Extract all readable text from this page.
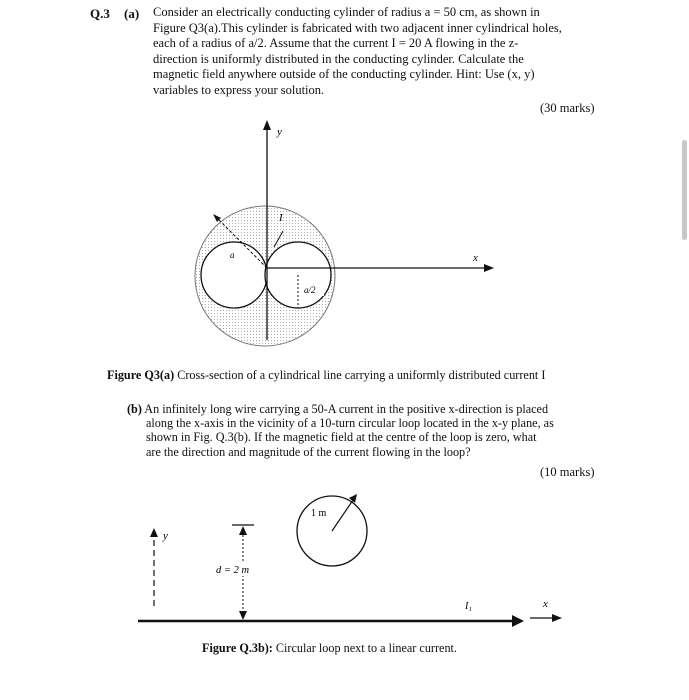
Q.3 (a) Consider an electrically conducting cylinder of radius a = 50 cm, as shown in
Figure Q3(a).This cylinder is fabricated with two adjacent inner cylindrical holes,
each of a radius of a/2. Assume that the current I = 20 A flowing in the z-
direction is uniformly distributed in the conducting cylinder. Calculate the
magnetic field anywhere outside of the conducting cylinder. Hint: Use (x, y)
variables to express your solution.
(30 marks)
y
x
I
a
a/2
Figure Q3(a) Cross-section of a cylindrical line carrying a uniformly distributed current I
(b) An infinitely long wire carrying a 50-A current in the positive x-direction is placed
along the x-axis in the vicinity of a 10-turn circular loop located in the x-y plane, as
shown in Fig. Q.3(b). If the magnetic field at the centre of the loop is zero, what
are the direction and magnitude of the current flowing in the loop?
(10 marks)
y
d = 2 m
1 m
I₁	x
Figure Q.3b): Circular loop next to a linear current.
